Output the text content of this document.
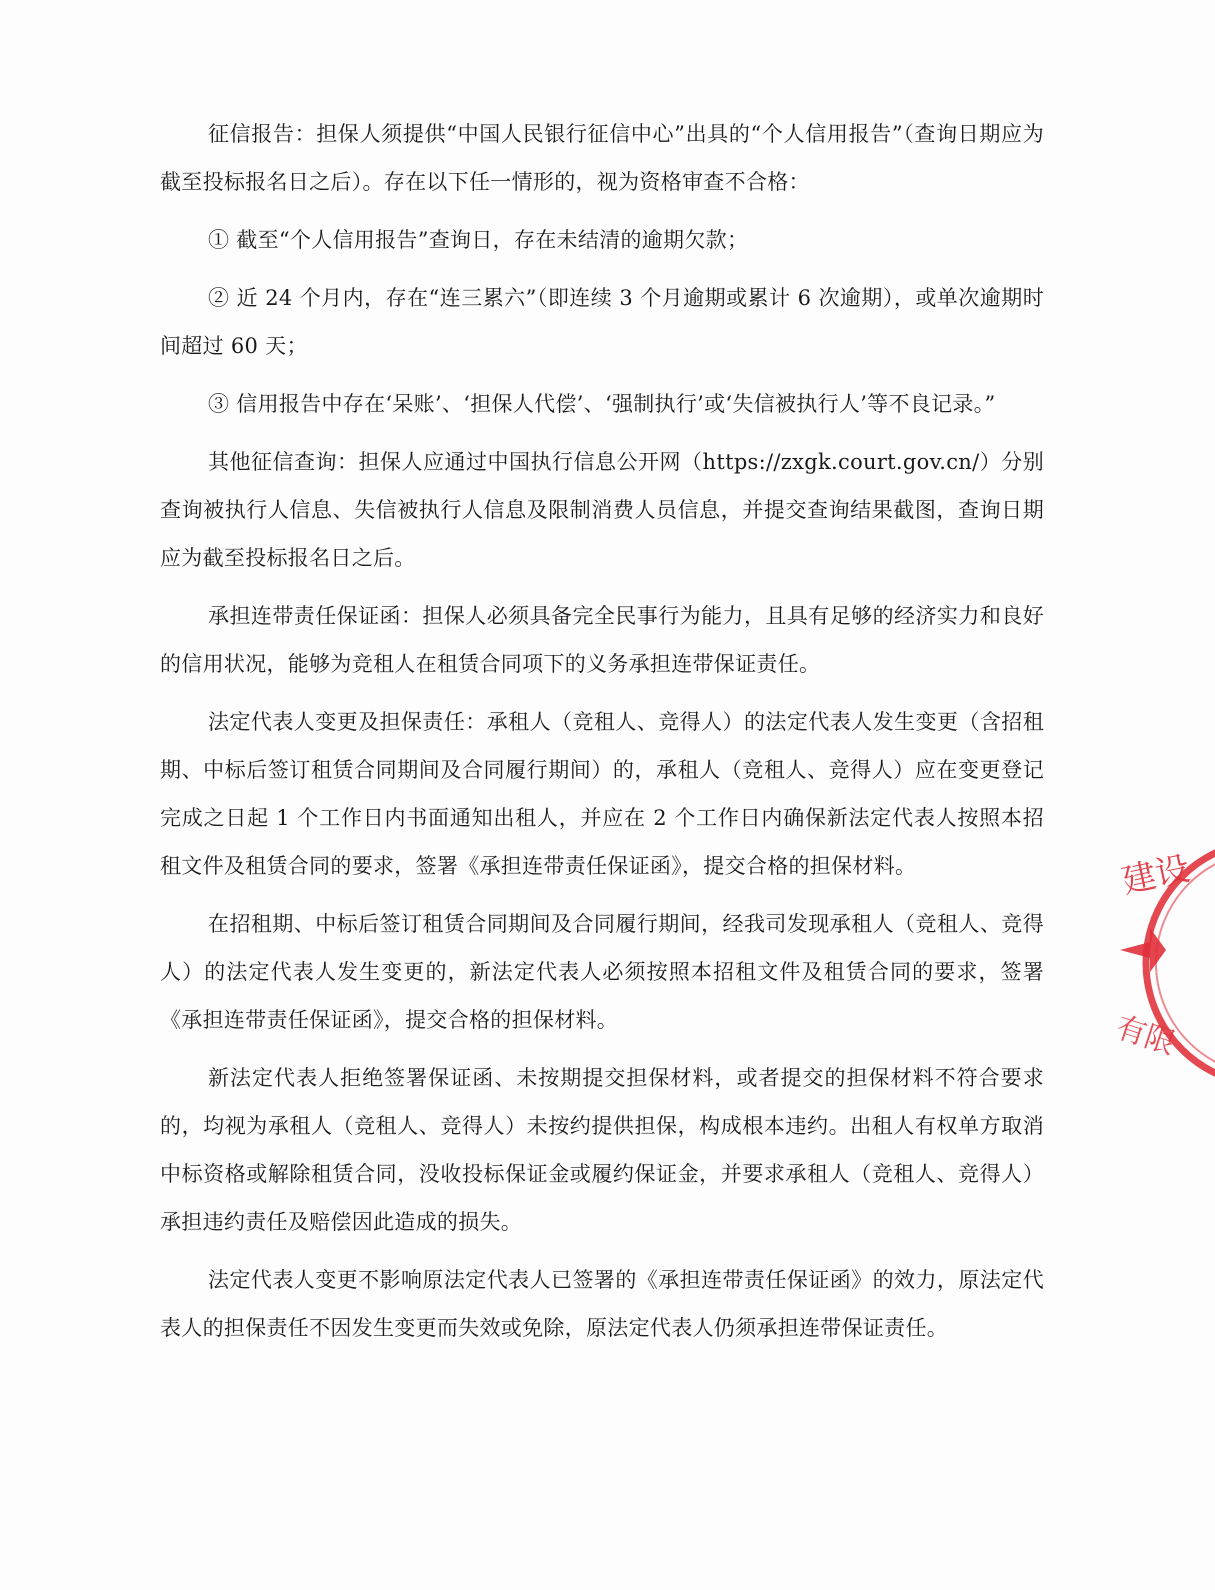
征信报告：担保人须提供“中国人民银行征信中心”出具的“个人信用报告”（查询日期应为截至投标报名日之后）。存在以下任一情形的，视为资格审查不合格：

① 截至“个人信用报告”查询日，存在未结清的逾期欠款；

② 近 24 个月内，存在“连三累六”（即连续 3 个月逾期或累计 6 次逾期），或单次逾期时间超过 60 天；

③ 信用报告中存在‘呆账’、‘担保人代偿’、‘强制执行’或‘失信被执行人’等不良记录。”

其他征信查询：担保人应通过中国执行信息公开网（https://zxgk.court.gov.cn/）分别查询被执行人信息、失信被执行人信息及限制消费人员信息，并提交查询结果截图，查询日期应为截至投标报名日之后。

承担连带责任保证函：担保人必须具备完全民事行为能力，且具有足够的经济实力和良好的信用状况，能够为竞租人在租赁合同项下的义务承担连带保证责任。

法定代表人变更及担保责任：承租人（竞租人、竞得人）的法定代表人发生变更（含招租期、中标后签订租赁合同期间及合同履行期间）的，承租人（竞租人、竞得人）应在变更登记完成之日起 1 个工作日内书面通知出租人，并应在 2 个工作日内确保新法定代表人按照本招租文件及租赁合同的要求，签署《承担连带责任保证函》，提交合格的担保材料。

在招租期、中标后签订租赁合同期间及合同履行期间，经我司发现承租人（竞租人、竞得人）的法定代表人发生变更的，新法定代表人必须按照本招租文件及租赁合同的要求，签署《承担连带责任保证函》，提交合格的担保材料。

新法定代表人拒绝签署保证函、未按期提交担保材料，或者提交的担保材料不符合要求的，均视为承租人（竞租人、竞得人）未按约提供担保，构成根本违约。出租人有权单方取消中标资格或解除租赁合同，没收投标保证金或履约保证金，并要求承租人（竞租人、竞得人）承担违约责任及赔偿因此造成的损失。

法定代表人变更不影响原法定代表人已签署的《承担连带责任保证函》的效力，原法定代表人的担保责任不因发生变更而失效或免除，原法定代表人仍须承担连带保证责任。

建设
有限
